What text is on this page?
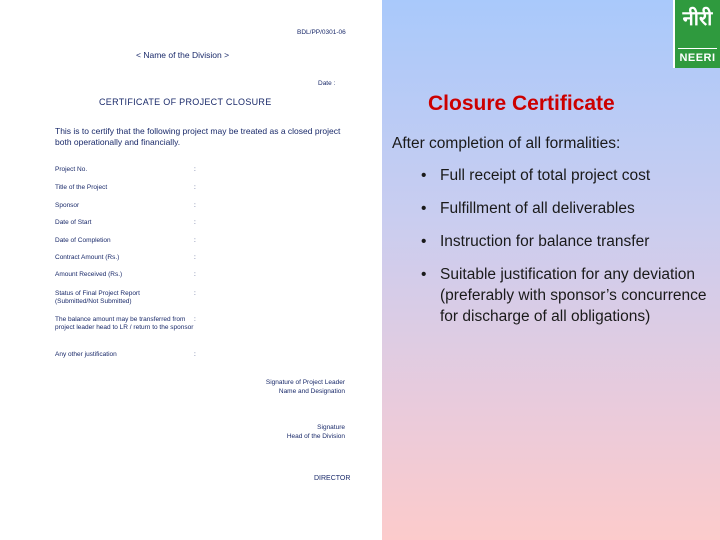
BDL/PP/0301-06
< Name of the Division >
Date :
CERTIFICATE OF PROJECT CLOSURE
This is to certify that the following project may be treated as a closed project both operationally and financially.
Project No.	:
Title of the Project	:
Sponsor	:
Date of Start	:
Date of Completion	:
Contract Amount (Rs.)	:
Amount Received (Rs.)	:
Status of Final Project Report (Submitted/Not Submitted)
:
The balance amount may be transferred from project leader head to LR / return to the sponsor
:
Any other justification	:
Signature of Project Leader
Name and Designation
Signature
Head of the Division
DIRECTOR
नीरी
NEERI
Closure Certificate
After completion of all formalities:
• Full receipt of total project cost
• Fulfillment of all deliverables
• Instruction for balance transfer
• Suitable justification for any deviation (preferably with sponsor’s concurrence for discharge of all obligations)
